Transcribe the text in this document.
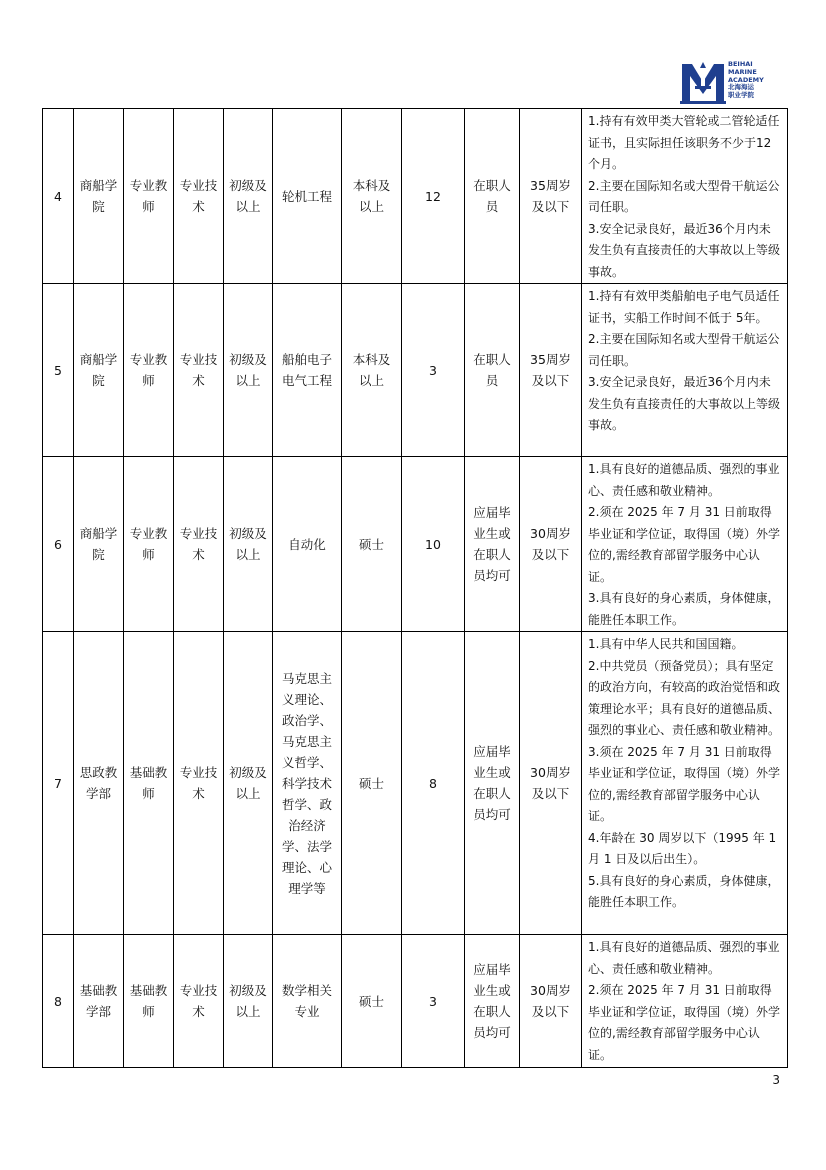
BEIHAI
MARINE
ACADEMY
北海海运
职业学院
4	商船学院	专业教师	专业技术	初级及以上	轮机工程	本科及以上	12	在职人员	35周岁及以下	1.持有有效甲类大管轮或二管轮适任证书，且实际担任该职务不少于12个月。
2.主要在国际知名或大型骨干航运公司任职。
3.安全记录良好，最近36个月内未发生负有直接责任的大事故以上等级事故。

5	商船学院	专业教师	专业技术	初级及以上	船舶电子电气工程	本科及以上	3	在职人员	35周岁及以下	1.持有有效甲类船舶电子电气员适任证书，实船工作时间不低于 5年。
2.主要在国际知名或大型骨干航运公司任职。
3.安全记录良好，最近36个月内未发生负有直接责任的大事故以上等级事故。

6	商船学院	专业教师	专业技术	初级及以上	自动化	硕士	10	应届毕业生或在职人员均可	30周岁及以下	1.具有良好的道德品质、强烈的事业心、责任感和敬业精神。
2.须在 2025 年 7 月 31 日前取得毕业证和学位证，取得国（境）外学位的,需经教育部留学服务中心认证。
3.具有良好的身心素质，身体健康，能胜任本职工作。

7	思政教学部	基础教师	专业技术	初级及以上	马克思主义理论、政治学、马克思主义哲学、科学技术哲学、政治经济学、法学理论、心理学等	硕士	8	应届毕业生或在职人员均可	30周岁及以下	1.具有中华人民共和国国籍。
2.中共党员（预备党员）；具有坚定的政治方向，有较高的政治觉悟和政策理论水平；具有良好的道德品质、强烈的事业心、责任感和敬业精神。
3.须在 2025 年 7 月 31 日前取得毕业证和学位证，取得国（境）外学位的,需经教育部留学服务中心认证。
4.年龄在 30 周岁以下（1995 年 1 月 1 日及以后出生）。
5.具有良好的身心素质，身体健康，能胜任本职工作。

8	基础教学部	基础教师	专业技术	初级及以上	数学相关专业	硕士	3	应届毕业生或在职人员均可	30周岁及以下	1.具有良好的道德品质、强烈的事业心、责任感和敬业精神。
2.须在 2025 年 7 月 31 日前取得毕业证和学位证，取得国（境）外学位的,需经教育部留学服务中心认证。
3
